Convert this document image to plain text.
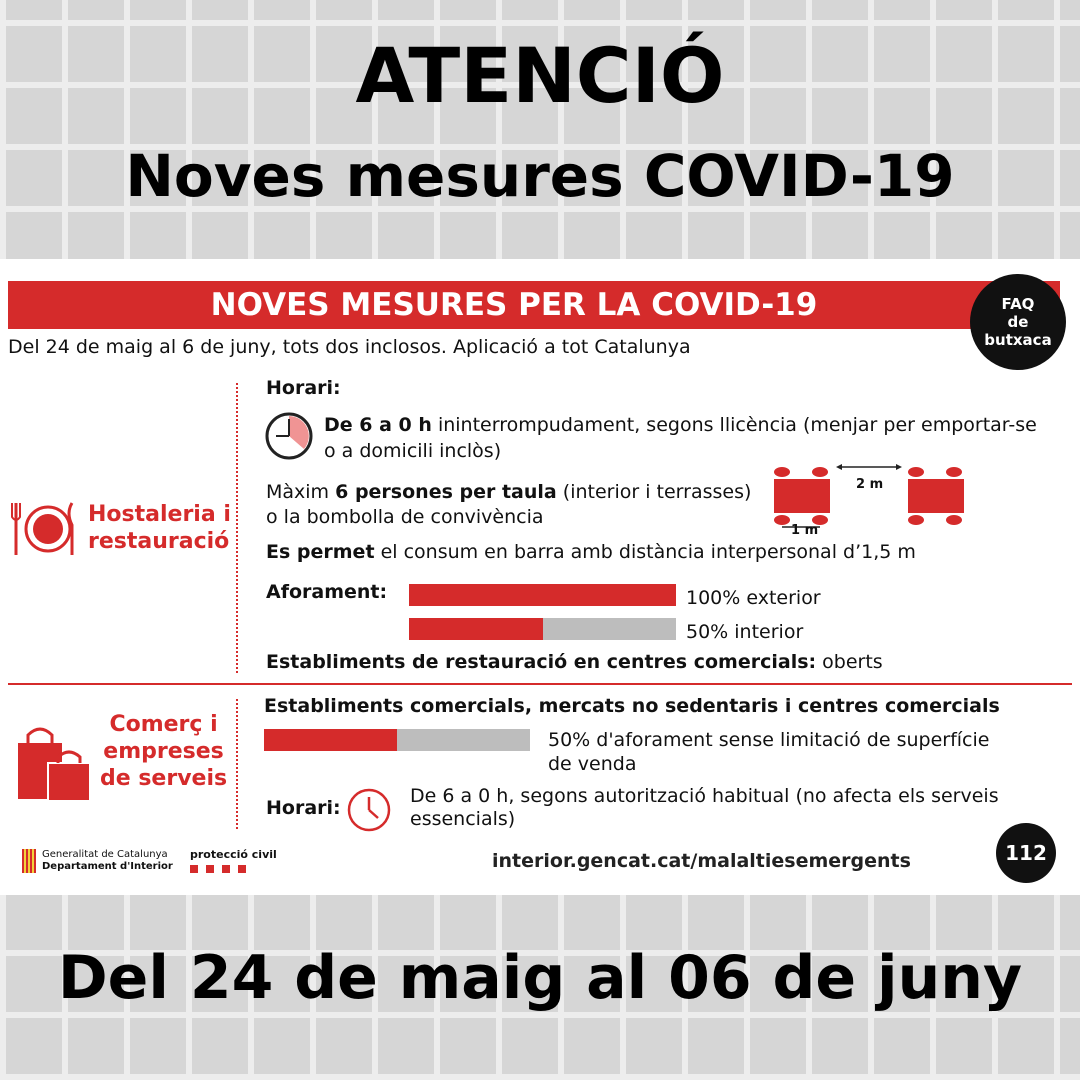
ATENCIÓ
Noves mesures COVID-19
NOVES MESURES PER LA COVID-19	FAQ
de
butxaca
Del 24 de maig al 6 de juny, tots dos inclosos. Aplicació a tot Catalunya
Hostaleria i
restauració
Horari:
De 6 a 0 h ininterrompudament, segons llicència (menjar per emportar-se
o a domicili inclòs)
Màxim 6 persones per taula (interior i terrasses)
o la bombolla de convivència
2 m
1 m
Es permet el consum en barra amb distància interpersonal d’1,5 m
Aforament:	100% exterior
50% interior
Establiments de restauració en centres comercials: oberts
Comerç i
empreses
de serveis
Establiments comercials, mercats no sedentaris i centres comercials
50% d'aforament sense limitació de superfície
de venda
Horari:
De 6 a 0 h, segons autorització habitual (no afecta els serveis
essencials)
Generalitat de Catalunya
Departament d'Interior
protecció civil	interior.gencat.cat/malaltiesemergents	112
Del 24 de maig al 06 de juny
